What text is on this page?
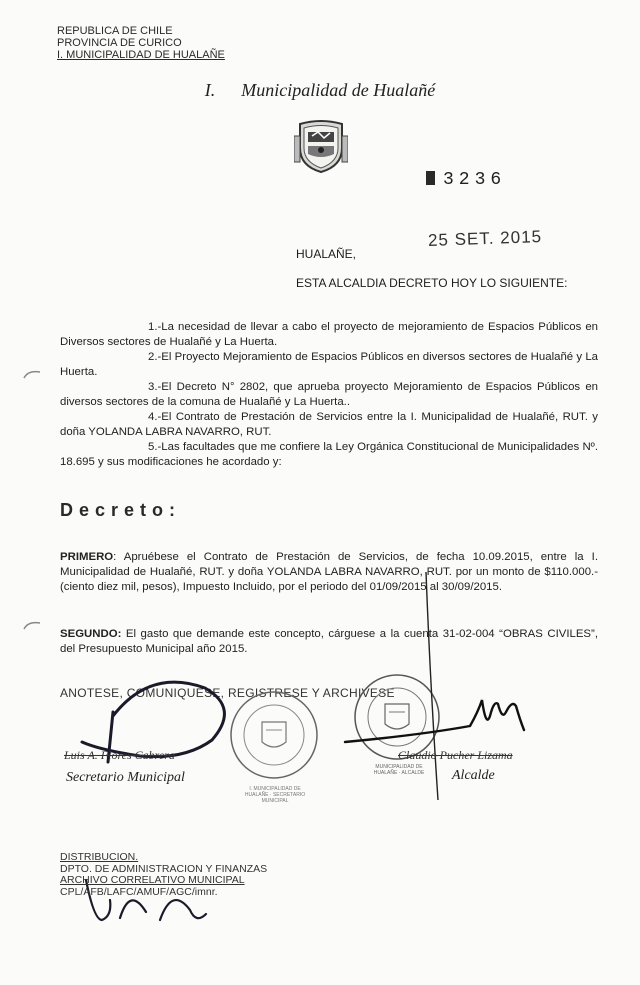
REPUBLICA DE CHILE
PROVINCIA DE CURICO
I. MUNICIPALIDAD DE HUALAÑE
I. Municipalidad de Hualañé
3236
HUALAÑE,
25 SET. 2015
ESTA ALCALDIA DECRETO HOY LO SIGUIENTE:

1.-La necesidad de llevar a cabo el proyecto de mejoramiento de Espacios Públicos en Diversos sectores de Hualañé y La Huerta.

2.-El Proyecto Mejoramiento de Espacios Públicos en diversos sectores de Hualañé y La Huerta.

3.-El Decreto N° 2802, que aprueba proyecto Mejoramiento de Espacios Públicos en diversos sectores de la comuna de Hualañé y La Huerta..

4.-El Contrato de Prestación de Servicios entre la I. Municipalidad de Hualañé, RUT. y doña YOLANDA LABRA NAVARRO, RUT.

5.-Las facultades que me confiere la Ley Orgánica Constitucional de Municipalidades Nº. 18.695 y sus modificaciones he acordado y:

Decreto:

PRIMERO: Apruébese el Contrato de Prestación de Servicios, de fecha 10.09.2015, entre la I. Municipalidad de Hualañé, RUT. y doña YOLANDA LABRA NAVARRO, RUT. por un monto de $110.000.- (ciento diez mil, pesos), Impuesto Incluido, por el periodo del 01/09/2015 al 30/09/2015.

SEGUNDO: El gasto que demande este concepto, cárguese a la cuenta 31-02-004 “OBRAS CIVILES”, del Presupuesto Municipal año 2015.

ANOTESE, COMUNIQUESE, REGISTRESE Y ARCHIVESE
Luis A. Flores Cabrera
Secretario Municipal
Claudio Pucher Lizama
Alcalde
I. MUNICIPALIDAD DE HUALAÑE · SECRETARIO MUNICIPAL
MUNICIPALIDAD DE HUALAÑE · ALCALDE
DISTRIBUCION.
DPTO. DE ADMINISTRACION Y FINANZAS
ARCHIVO CORRELATIVO MUNICIPAL
CPL/AFB/LAFC/AMUF/AGC/imnr.
